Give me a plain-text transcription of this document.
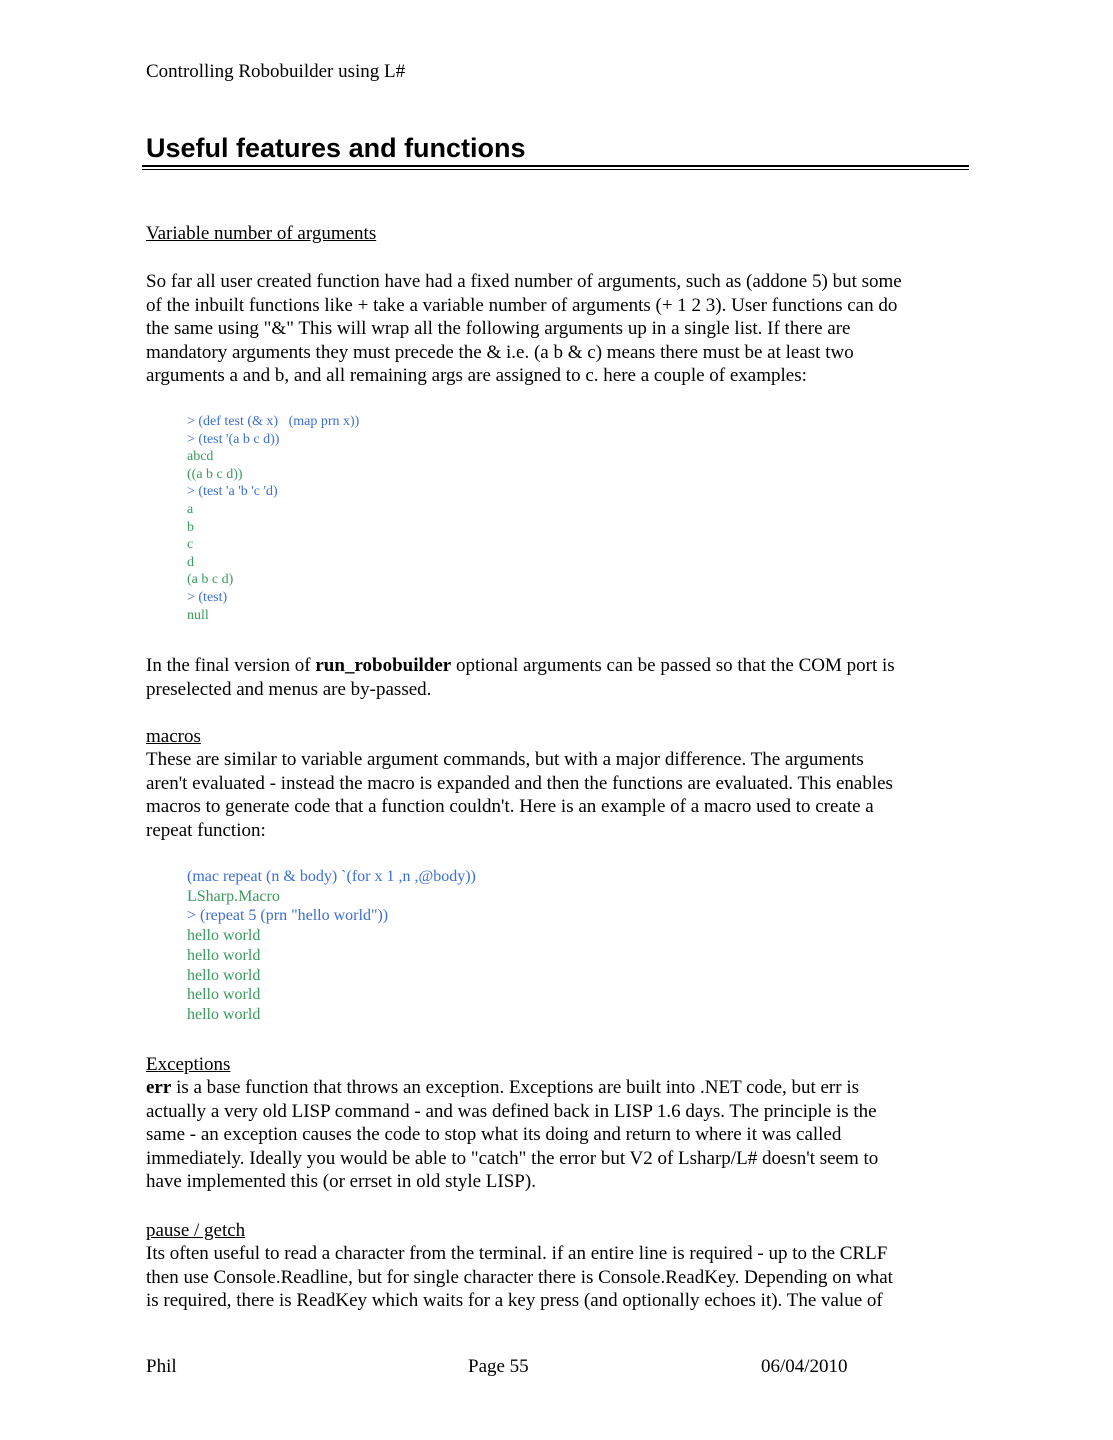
Controlling Robobuilder using L#
Useful features and functions
Variable number of arguments
So far all user created function have had a fixed number of arguments, such as (addone 5) but some
of the inbuilt functions like + take a variable number of arguments (+ 1 2 3). User functions can do
the same using "&" This will wrap all the following arguments up in a single list. If there are
mandatory arguments they must precede the & i.e. (a b & c) means there must be at least two
arguments a and b, and all remaining args are assigned to c. here a couple of examples:
> (def test (& x)   (map prn x))
> (test '(a b c d))
abcd
((a b c d))
> (test 'a 'b 'c 'd)
a
b
c
d
(a b c d)
> (test)
null
In the final version of run_robobuilder optional arguments can be passed so that the COM port is
preselected and menus are by-passed.
macros
These are similar to variable argument commands, but with a major difference. The arguments
aren't evaluated - instead the macro is expanded and then the functions are evaluated. This enables
macros to generate code that a function couldn't. Here is an example of a macro used to create a
repeat function:
(mac repeat (n & body) `(for x 1 ,n ,@body))
LSharp.Macro
> (repeat 5 (prn "hello world"))
hello world
hello world
hello world
hello world
hello world
Exceptions
err is a base function that throws an exception. Exceptions are built into .NET code, but err is
actually a very old LISP command - and was defined back in LISP 1.6 days. The principle is the
same - an exception causes the code to stop what its doing and return to where it was called
immediately. Ideally you would be able to "catch" the error but V2 of Lsharp/L# doesn't seem to
have implemented this (or errset in old style LISP).
pause / getch
Its often useful to read a character from the terminal. if an entire line is required - up to the CRLF
then use Console.Readline, but for single character there is Console.ReadKey. Depending on what
is required, there is ReadKey which waits for a key press (and optionally echoes it). The value of
Phil	Page 55	06/04/2010
